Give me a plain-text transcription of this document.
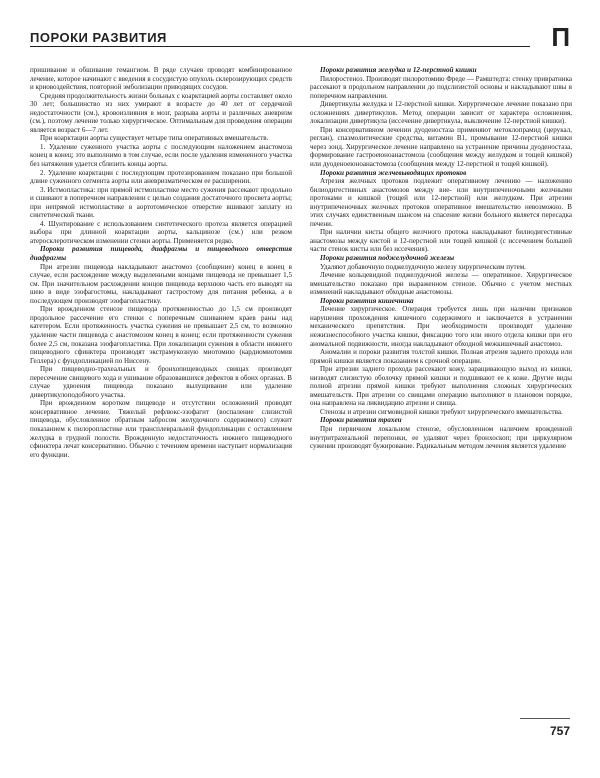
ПОРОКИ РАЗВИТИЯ	П

пришивание и обшивание гемангиом. В ряде случаев проводят комбинированное лечение, которое начинают с введения в сосудистую опухоль склерозирующих средств и криовоздействия, повторной эмболизации приводящих сосудов.

Средняя продолжительность жизни больных с коарктацией аорты составляет около 30 лет; большинство из них умирают в возрасте до 40 лет от сердечной недостаточности (см.), кровоизлияния в мозг, разрыва аорты и различных аневризм (см.), поэтому лечение только хирургическое. Оптимальным для проведения операции является возраст 6—7 лет.

При коарктации аорты существует четыре типа оперативных вмешательств.

1. Удаление суженного участка аорты с последующим наложением анастомоза конец в конец; это выполнимо в том случае, если после удаления измененного участка без натяжения удается сблизить концы аорты.

2. Удаление коарктации с последующим протезированием показано при большой длине суженного сегмента аорты или аневризматическом ее расширении.

3. Истмопластика: при прямой истмопластике место сужения рассекают продольно и сшивают в поперечном направлении с целью создания достаточного просвета аорты; при непрямой истмопластике в аортотомическое отверстие вшивают заплату из синтетической ткани.

4. Шунтирование с использованием синтетического протеза является операцией выбора при длинной коарктации аорты, кальцинозе (см.) или резком атеросклеротическом изменении стенки аорты. Применяется редко.

Пороки развития пищевода, диафрагмы и пищеводного отверстия диафрагмы

При атрезии пищевода накладывают анастомоз (сообщение) конец в конец в случае, если расхождение между выделенными концами пищевода не превышает 1,5 см. При значительном расхождении концов пищевода верхнюю часть его выводят на шею в виде эзофагостомы, накладывают гастростому для питания ребенка, а в последующем производят эзофагопластику.

При врожденном стенозе пищевода протяженностью до 1,5 см производят продольное рассечение его стенки с поперечным сшиванием краев раны над катетером. Если протяженность участка сужения не превышает 2,5 см, то возможно удаление части пищевода с анастомозом конец в конец; если протяженности сужения более 2,5 см, показана эзофагопластика. При локализации сужения в области нижнего пищеводного сфинктера производят экстрамукозную миотомию (кардиомиотомия Геллера) с фундопликацией по Ниссену.

При пищеводно-трахеальных и бронхопищеводных свищах производят пересечение свищевого хода и ушивание образовавшихся дефектов в обоих органах. В случае удвоения пищевода показано вылущивание или удаление дивертикулоподобного участка.

При врожденном коротком пищеводе и отсутствии осложнений проводят консервативное лечение. Тяжелый рефлюкс-эзофагит (воспаление слизистой пищевода, обусловленное обратным забросом желудочного содержимого) служит показанием к пилоропластике или трансплевральной фундопликации с оставлением желудка в грудной полости. Врожденную недостаточность нижнего пищеводного сфинктера лечат консервативно. Обычно с течением времени наступает нормализация его функции.

Пороки развития желудка и 12-перстной кишки

Пилоростеноз. Производят пилоротомию Фреде — Рамштедта: стенку привратника рассекают в продольном направлении до подслизистой основы и накладывают швы в поперечном направлении.

Дивертикулы желудка и 12-перстной кишки. Хирургическое лечение показано при осложнениях дивертикулов. Метод операции зависит от характера осложнения, локализации дивертикула (иссечение дивертикула, выключение 12-перстной кишки).

При консервативном лечении дуоденостаза применяют метоклопрамид (церукал, реглан), спазмолитические средства, витамин B1, промывание 12-перстной кишки через зонд. Хирургическое лечение направлено на устранение причины дуоденостаза, формирование гастроеюноанастомоза (сообщения между желудком и тощей кишкой) или дуоденоеюноанастомоза (сообщения между 12-перстной и тощей кишкой).

Пороки развития желчевыводящих протоков

Атрезия желчных протоков подлежит оперативному лечению — наложению билиодигестивных анастомозов между вне- или внутрипеченочными желчными протоками и кишкой (тощей или 12-перстной) или желудком. При атрезии внутрипеченочных желчных протоков оперативное вмешательство невозможно. В этих случаях единственным шансом на спасение жизни больного является пересадка печени.

При наличии кисты общего желчного протока накладывают билиодигестивные анастомозы между кистой и 12-перстной или тощей кишкой (с иссечением большей части стенок кисты или без иссечения).

Пороки развития поджелудочной железы

Удаляют добавочную поджелудочную железу хирургическим путем.

Лечение кольцевидной поджелудочной железы — оперативное. Хирургическое вмешательство показано при выраженном стенозе. Обычно с учетом местных изменений накладывают обходные анастомозы.

Пороки развития кишечника

Лечение хирургическое. Операция требуется лишь при наличии признаков нарушения прохождения кишечного содержимого и заключается в устранении механического препятствия. При необходимости производят удаление нежизнеспособного участка кишки, фиксацию того или иного отдела кишки при его аномальной подвижности, иногда накладывают обходной межкишечный анастомоз.

Аномалии и пороки развития толстой кишки. Полная атрезия заднего прохода или прямой кишки является показанием к срочной операции.

При атрезии заднего прохода рассекают кожу, заращивающую выход из кишки, низводят слизистую оболочку прямой кишки и подшивают ее к коже. Другие виды полной атрезии прямой кишки требуют выполнения сложных хирургических вмешательств. При атрезии со свищами операцию выполняют в плановом порядке, она направлена на ликвидацию атрезии и свища.

Стенозы и атрезии сигмовидной кишки требуют хирургического вмешательства.

Пороки развития трахеи

При первичном локальном стенозе, обусловленном наличием врожденной внутритрахеальной перепонки, ее удаляют через бронхоскоп; при циркулярном сужении производят бужирование. Радикальным методом лечения является удаление

757
